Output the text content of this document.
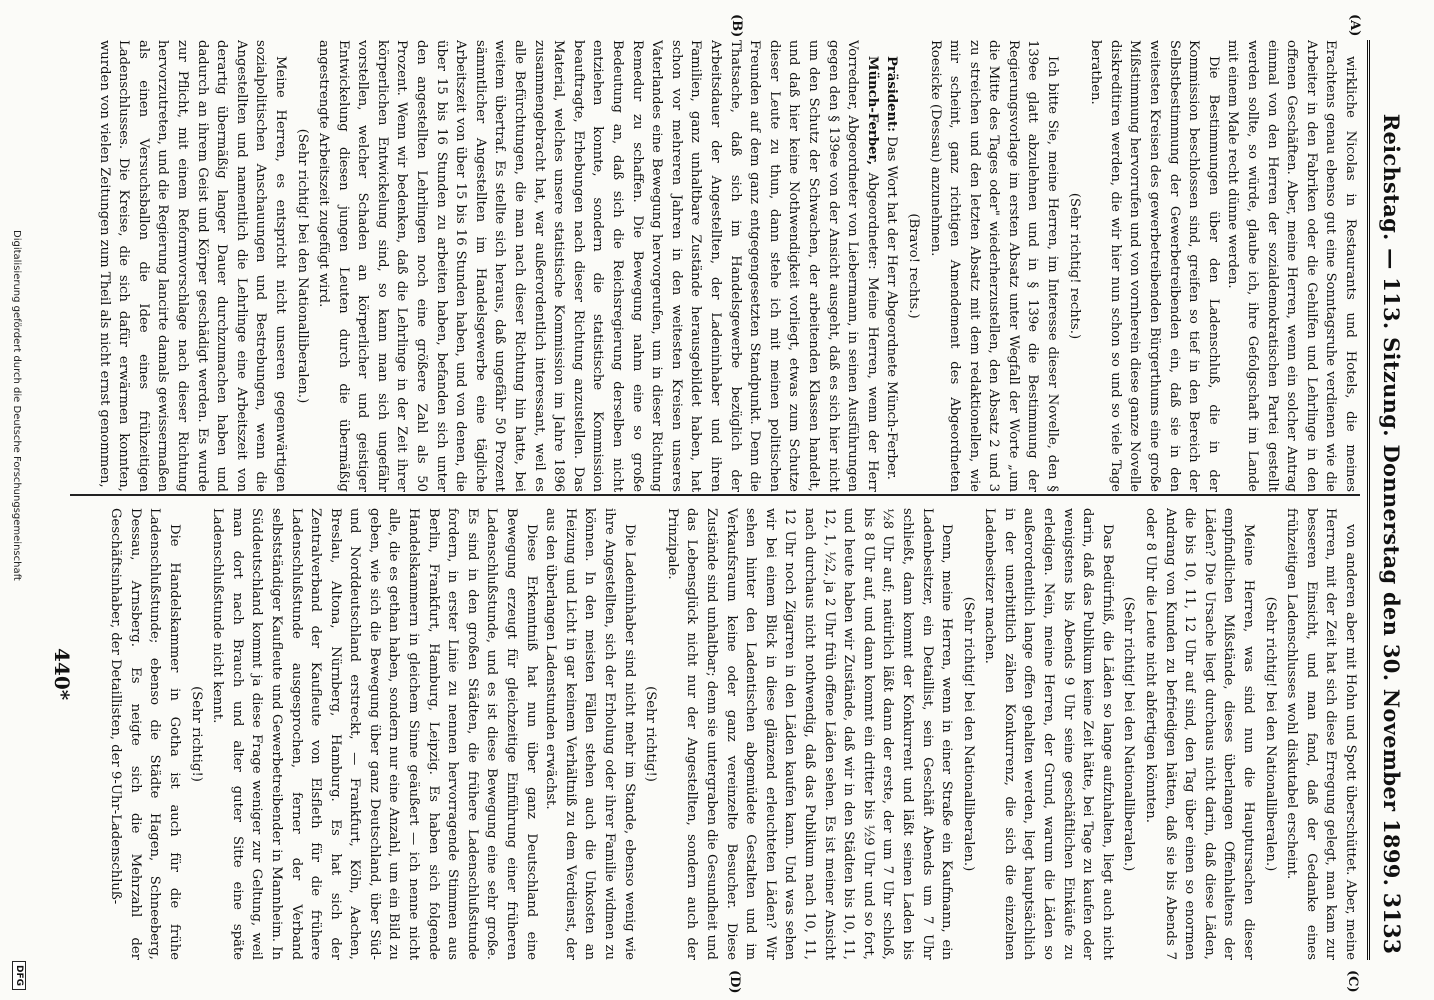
Reichstag. — 113. Sitzung. Donnerstag den 30. November 1899.
3133
(A)
(B)
(C)
(D)

wirkliche Nicolas in Restaurants und Hotels, die meines Erachtens genau ebenso gut eine Sonntagsruhe verdienen wie die Arbeiter in den Fabriken oder die Gehilfen und Lehrlinge in den offenen Geschäften. Aber, meine Herren, wenn ein solcher Antrag einmal von den Herren der sozialdemokratischen Partei gestellt werden sollte, so würde, glaube ich, ihre Gefolgschaft im Lande mit einem Male recht dünne werden.

Die Bestimmungen über den Ladenschluß, die in der Kommission beschlossen sind, greifen so tief in den Bereich der Selbstbestimmung der Gewerbetreibenden ein, daß sie in den weitesten Kreisen des gewerbetreibenden Bürgerthums eine große Mißstimmung hervorrufen und von vornherein diese ganze Novelle diskreditiren werden, die wir hier nun schon so und so viele Tage berathen.

(Sehr richtig! rechts.)

Ich bitte Sie, meine Herren, im Interesse dieser Novelle, den § 139ee glatt abzulehnen und in § 139e die Bestimmung der Regierungsvorlage im ersten Absatz unter Wegfall der Worte „um die Mitte des Tages oder" wiederherzustellen, den Absatz 2 und 3 zu streichen und den letzten Absatz mit dem redaktionellen, wie mir scheint, ganz richtigen Amendement des Abgeordneten Roesicke (Dessau) anzunehmen.

(Bravo! rechts.)

Präsident: Das Wort hat der Herr Abgeordnete Münch-Ferber.

Münch-Ferber, Abgeordneter: Meine Herren, wenn der Herr Vorredner, Abgeordneter von Liebermann, in seinen Ausführungen gegen den § 139ee von der Ansicht ausgeht, daß es sich hier nicht um den Schutz der Schwachen, der arbeitenden Klassen handelt, und daß hier keine Nothwendigkeit vorliegt, etwas zum Schutze dieser Leute zu thun, dann stehe ich mit meinen politischen Freunden auf dem ganz entgegengesetzten Standpunkt. Denn die Thatsache, daß sich im Handelsgewerbe bezüglich der Arbeitsdauer der Angestellten, der Ladeninhaber und ihren Familien, ganz unhaltbare Zustände herausgebildet haben, hat schon vor mehreren Jahren in den weitesten Kreisen unseres Vaterlandes eine Bewegung hervorgerufen, um in dieser Richtung Remedur zu schaffen. Die Bewegung nahm eine so große Bedeutung an, daß sich die Reichsregierung derselben nicht entziehen konnte, sondern die statistische Kommission beauftragte, Erhebungen nach dieser Richtung anzustellen. Das Material, welches unsere statistische Kommission im Jahre 1896 zusammengebracht hat, war außerordentlich interessant, weil es alle Befürchtungen, die man nach dieser Richtung hin hatte, bei weitem übertraf. Es stellte sich heraus, daß ungefähr 50 Prozent sämmtlicher Angestellten im Handelsgewerbe eine tägliche Arbeitszeit von über 15 bis 16 Stunden haben, und von denen, die über 15 bis 16 Stunden zu arbeiten haben, befanden sich unter den angestellten Lehrlingen noch eine größere Zahl als 50 Prozent. Wenn wir bedenken, daß die Lehrlinge in der Zeit ihrer körperlichen Entwickelung sind, so kann man sich ungefähr vorstellen, welcher Schaden an körperlicher und geistiger Entwickelung diesen jungen Leuten durch die übermäßig angestrengte Arbeitszeit zugefügt wird.

(Sehr richtig! bei den Nationalliberalen.)

Meine Herren, es entspricht nicht unseren gegenwärtigen sozialpolitischen Anschauungen und Bestrebungen, wenn die Angestellten und namentlich die Lehrlinge eine Arbeitszeit von derartig übermäßig langer Dauer durchzumachen haben und dadurch an ihrem Geist und Körper geschädigt werden. Es wurde zur Pflicht, mit einem Reformvorschlage nach dieser Richtung hervorzutreten, und die Regierung lancirte damals gewissermaßen als einen Versuchsballon die Idee eines frühzeitigen Ladenschlusses. Die Kreise, die sich dafür erwärmen konnten, wurden von vielen Zeitungen zum Theil als nicht ernst genommen,

von anderen aber mit Hohn und Spott überschüttet. Aber, meine Herren, mit der Zeit hat sich diese Erregung gelegt, man kam zur besseren Einsicht, und man fand, daß der Gedanke eines frühzeitigen Ladenschlusses wohl diskutabel erscheint.

(Sehr richtig! bei den Nationalliberalen.)

Meine Herren, was sind nun die Hauptursachen dieser empfindlichen Mißstände, dieses überlangen Offenhaltens der Läden? Die Ursache liegt durchaus nicht darin, daß diese Läden, die bis 10, 11, 12 Uhr auf sind, den Tag über einen so enormen Andrang von Kunden zu befriedigen hätten, daß sie bis Abends 7 oder 8 Uhr die Leute nicht abfertigen könnten.

(Sehr richtig! bei den Nationalliberalen.)

Das Bedürfniß, die Läden so lange aufzuhalten, liegt auch nicht darin, daß das Publikum keine Zeit hätte, bei Tage zu kaufen oder wenigstens bis Abends 9 Uhr seine geschäftlichen Einkäufe zu erledigen. Nein, meine Herren, der Grund, warum die Läden so außerordentlich lange offen gehalten werden, liegt hauptsächlich in der unerbittlich zähen Konkurrenz, die sich die einzelnen Ladenbesitzer machen.

(Sehr richtig! bei den Nationalliberalen.)

Denn, meine Herren, wenn in einer Straße ein Kaufmann, ein Ladenbesitzer, ein Detaillist, sein Geschäft Abends um 7 Uhr schließt, dann kommt der Konkurrent und läßt seinen Laden bis ½8 Uhr auf; natürlich läßt dann der erste, der um 7 Uhr schloß, bis 8 Uhr auf, und dann kommt ein dritter bis ½9 Uhr und so fort, und heute haben wir Zustände, daß wir in den Städten bis 10, 11, 12, 1, ½2, ja 2 Uhr früh offene Läden sehen. Es ist meiner Ansicht nach durchaus nicht nothwendig, daß das Publikum nach 10, 11, 12 Uhr noch Zigarren in den Läden kaufen kann. Und was sehen wir bei einem Blick in diese glänzend erleuchteten Läden? Wir sehen hinter den Ladentischen abgemüdete Gestalten und im Verkaufsraum keine oder ganz vereinzelte Besucher. Diese Zustände sind unhaltbar; denn sie untergraben die Gesundheit und das Lebensglück nicht nur der Angestellten, sondern auch der Prinzipale.

(Sehr richtig!)

Die Ladeninhaber sind nicht mehr im Stande, ebenso wenig wie ihre Angestellten, sich der Erholung oder ihrer Familie widmen zu können. In den meisten Fällen stehen auch die Unkosten an Heizung und Licht in gar keinem Verhältniß zu dem Verdienst, der aus den überlangen Ladenstunden erwächst.

Diese Erkenntniß hat nun über ganz Deutschland eine Bewegung erzeugt für gleichzeitige Einführung einer früheren Ladenschlußstunde, und es ist diese Bewegung eine sehr große. Es sind in den großen Städten, die frühere Ladenschlußstunde fordern, in erster Linie zu nennen hervorragende Stimmen aus Berlin, Frankfurt, Hamburg, Leipzig. Es haben sich folgende Handelskammern in gleichem Sinne geäußert — ich nenne nicht alle, die es gethan haben, sondern nur eine Anzahl, um ein Bild zu geben, wie sich die Bewegung über ganz Deutschland, über Süd- und Norddeutschland erstreckt, — Frankfurt, Köln, Aachen, Breslau, Altona, Nürnberg, Hamburg. Es hat sich der Zentralverband der Kaufleute von Elsfleth für die frühere Ladenschlußstunde ausgesprochen, ferner der Verband selbstständiger Kaufleute und Gewerbetreibender in Mannheim. In Süddeutschland kommt ja diese Frage weniger zur Geltung, weil man dort nach Brauch und alter guter Sitte eine späte Ladenschlußstunde nicht kennt.

(Sehr richtig!)

Die Handelskammer in Gotha ist auch für die frühe Ladenschlußstunde; ebenso die Städte Hagen, Schneeberg, Dessau, Arnsberg. Es neigte sich die Mehrzahl der Geschäftsinhaber, der Detaillisten, der 9-Uhr-Ladenschluß-

440*
Digitalisierung gefördert durch die Deutsche Forschungsgemeinschaft
DFG
